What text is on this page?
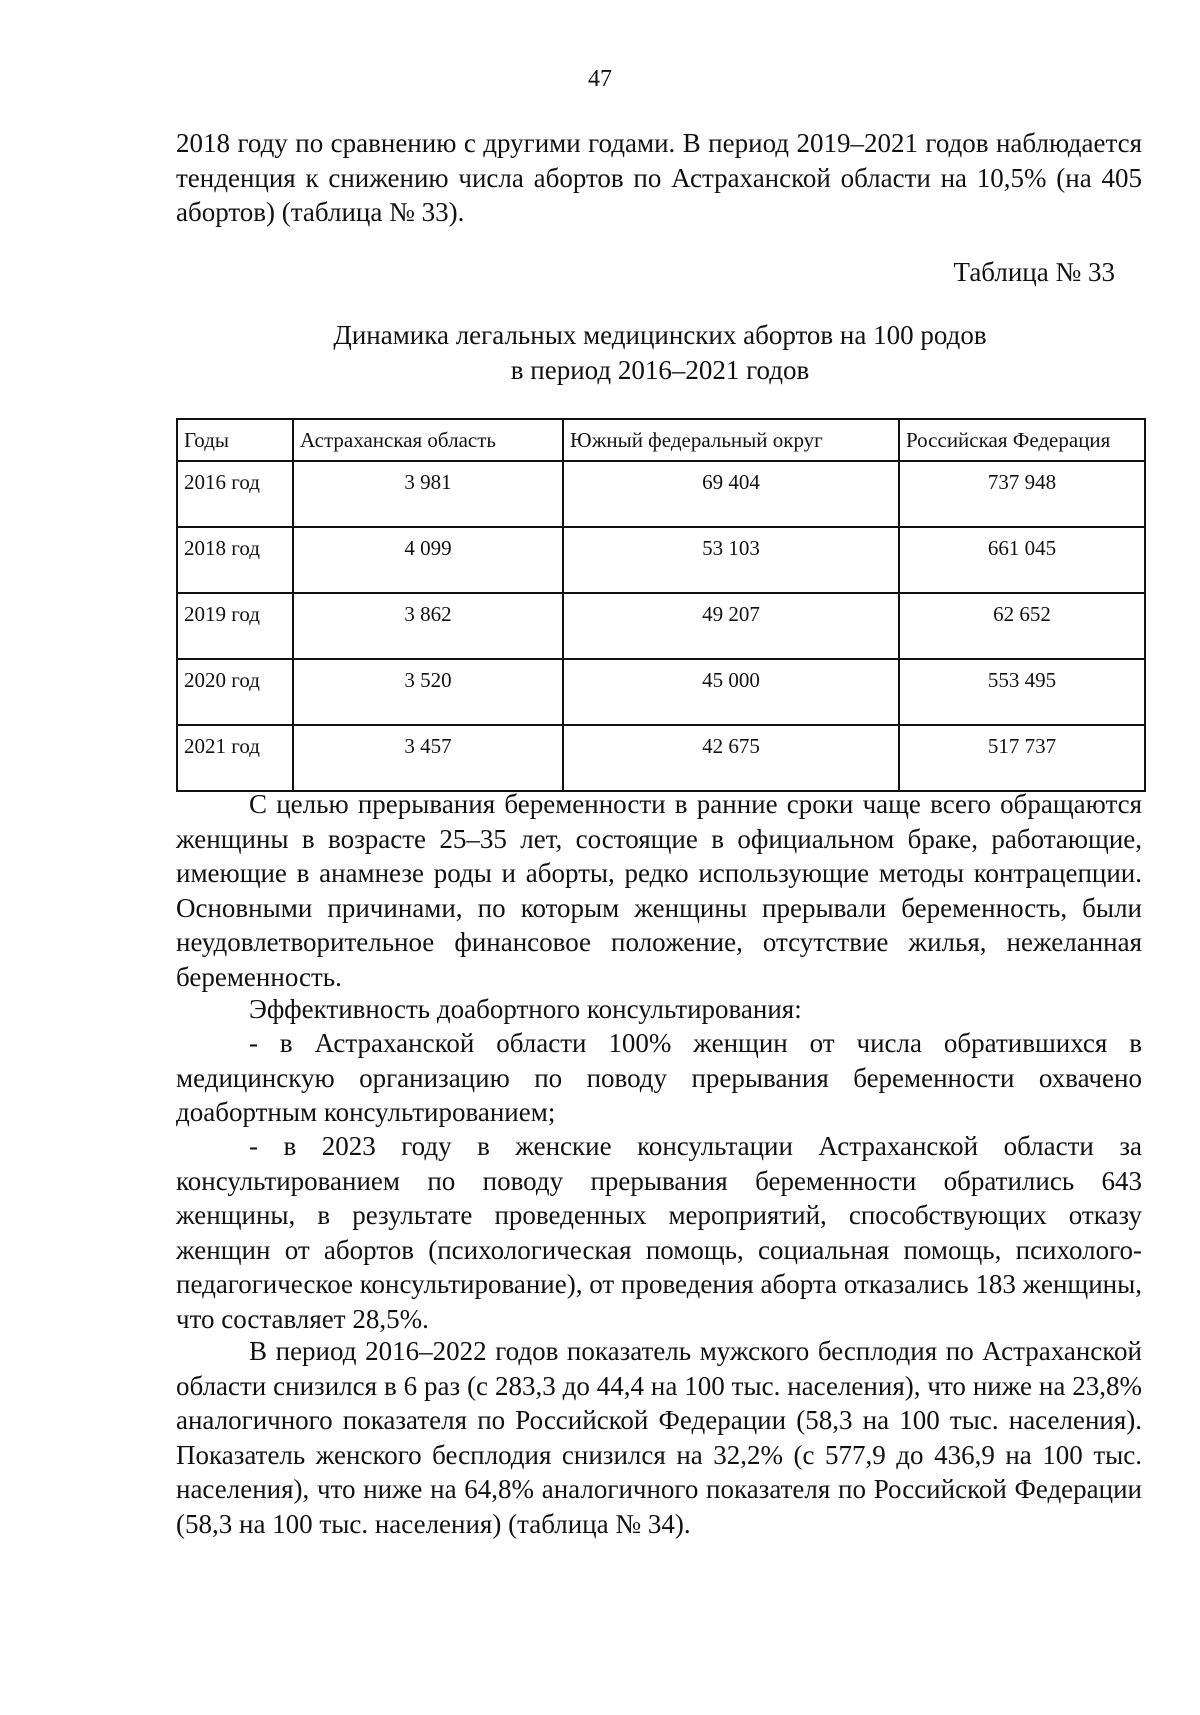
47

2018 году по сравнению с другими годами. В период 2019–2021 годов наблюдается тенденция к снижению числа абортов по Астраханской области на 10,5% (на 405 абортов) (таблица № 33).

Таблица № 33
Динамика легальных медицинских абортов на 100 родов
в период 2016–2021 годов
Годы	Астраханская область	Южный федеральный округ	Российская Федерация
2016 год	3 981	69 404	737 948
2018 год	4 099	53 103	661 045
2019 год	3 862	49 207	62 652
2020 год	3 520	45 000	553 495
2021 год	3 457	42 675	517 737

С целью прерывания беременности в ранние сроки чаще всего обращаются женщины в возрасте 25–35 лет, состоящие в официальном браке, работающие, имеющие в анамнезе роды и аборты, редко использующие методы контрацепции. Основными причинами, по которым женщины прерывали беременность, были неудовлетворительное финансовое положение, отсутствие жилья, нежеланная беременность.

Эффективность доабортного консультирования:

- в Астраханской области 100% женщин от числа обратившихся в медицинскую организацию по поводу прерывания беременности охвачено доабортным консультированием;

- в 2023 году в женские консультации Астраханской области за консультированием по поводу прерывания беременности обратились 643 женщины, в результате проведенных мероприятий, способствующих отказу женщин от абортов (психологическая помощь, социальная помощь, психолого-педагогическое консультирование), от проведения аборта отказались 183 женщины, что составляет 28,5%.

В период 2016–2022 годов показатель мужского бесплодия по Астраханской области снизился в 6 раз (с 283,3 до 44,4 на 100 тыс. населения), что ниже на 23,8% аналогичного показателя по Российской Федерации (58,3 на 100 тыс. населения). Показатель женского бесплодия снизился на 32,2% (с 577,9 до 436,9 на 100 тыс. населения), что ниже на 64,8% аналогичного показателя по Российской Федерации (58,3 на 100 тыс. населения) (таблица № 34).
